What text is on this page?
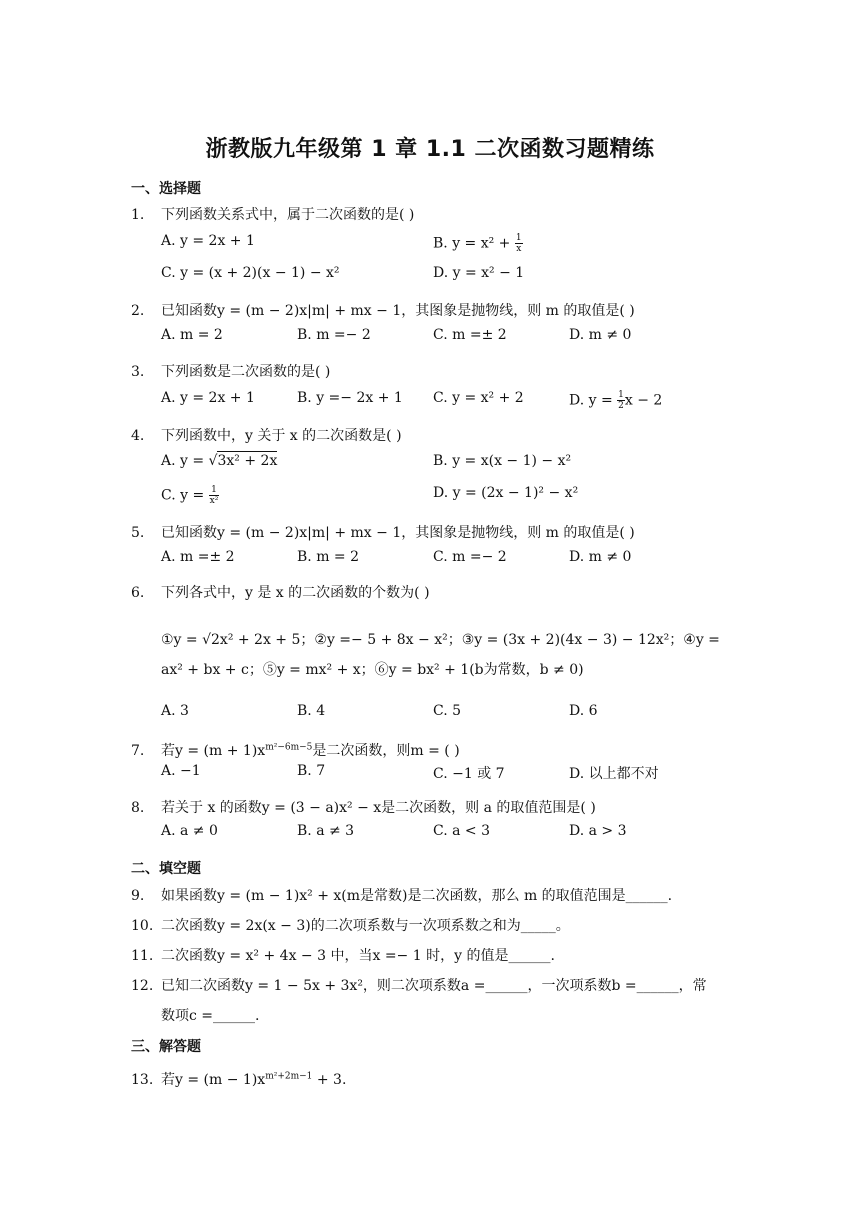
浙教版九年级第 1 章 1.1 二次函数习题精练
一、选择题
1. 下列函数关系式中，属于二次函数的是( )
A. y = 2x + 1	B. $y = x^2 + \frac{1}{x}$
C. y = (x + 2)(x − 1) − x²	D. y = x² − 1
2. 已知函数y = (m − 2)x|m| + mx − 1，其图象是抛物线，则 m 的取值是( )
A. m = 2	B. m =− 2	C. m =± 2	D. m ≠ 0
3. 下列函数是二次函数的是( )
A. y = 2x + 1	B. y =− 2x + 1 C. y = x² + 2	D. $y = \frac{1}{2}$ x − 2
4. 下列函数中，y 关于 x 的二次函数是( )
A. y = √3x² + 2x	B. y = x(x − 1) − x²
C. $y = \frac{1}{\text{x²}}$	D. y = (2x − 1)² − x²
5. 已知函数y = (m − 2)x|m| + mx − 1，其图象是抛物线，则 m 的取值是( )
A. m =± 2	B. m = 2	C. m =− 2	D. m ≠ 0
6. 下列各式中，y 是 x 的二次函数的个数为( )
①y = √2x² + 2x + 5；②y =− 5 + 8x − x²；③y = (3x + 2)(4x − 3) − 12x²；④y =
ax² + bx + c；⑤y = mx² + x；⑥y = bx² + 1(b为常数，b ≠ 0)
A. 3	B. 4	C. 5	D. 6
7. 若$y = (m + 1)x^{m^2-6m-5}$是二次函数，则m = ( )
A. −1	B. 7	C. −1 或 7	D. 以上都不对
8. 若关于 x 的函数y = (3 − a)x² − x是二次函数，则 a 的取值范围是( )
A. a ≠ 0	B. a ≠ 3	C. a < 3	D. a > 3
二、填空题
9. 如果函数y = (m − 1)x² + x(m是常数)是二次函数，那么 m 的取值范围是______.
10. 二次函数y = 2x(x − 3)的二次项系数与一次项系数之和为_____。
11. 二次函数y = x² + 4x − 3 中，当x =− 1 时，y 的值是______.
12. 已知二次函数y = 1 − 5x + 3x²，则二次项系数a =______，一次项系数b =______，常
数项c =______.
三、解答题
13. 若$y = (m - 1)x^{m^2+2m-1} + 3$.
